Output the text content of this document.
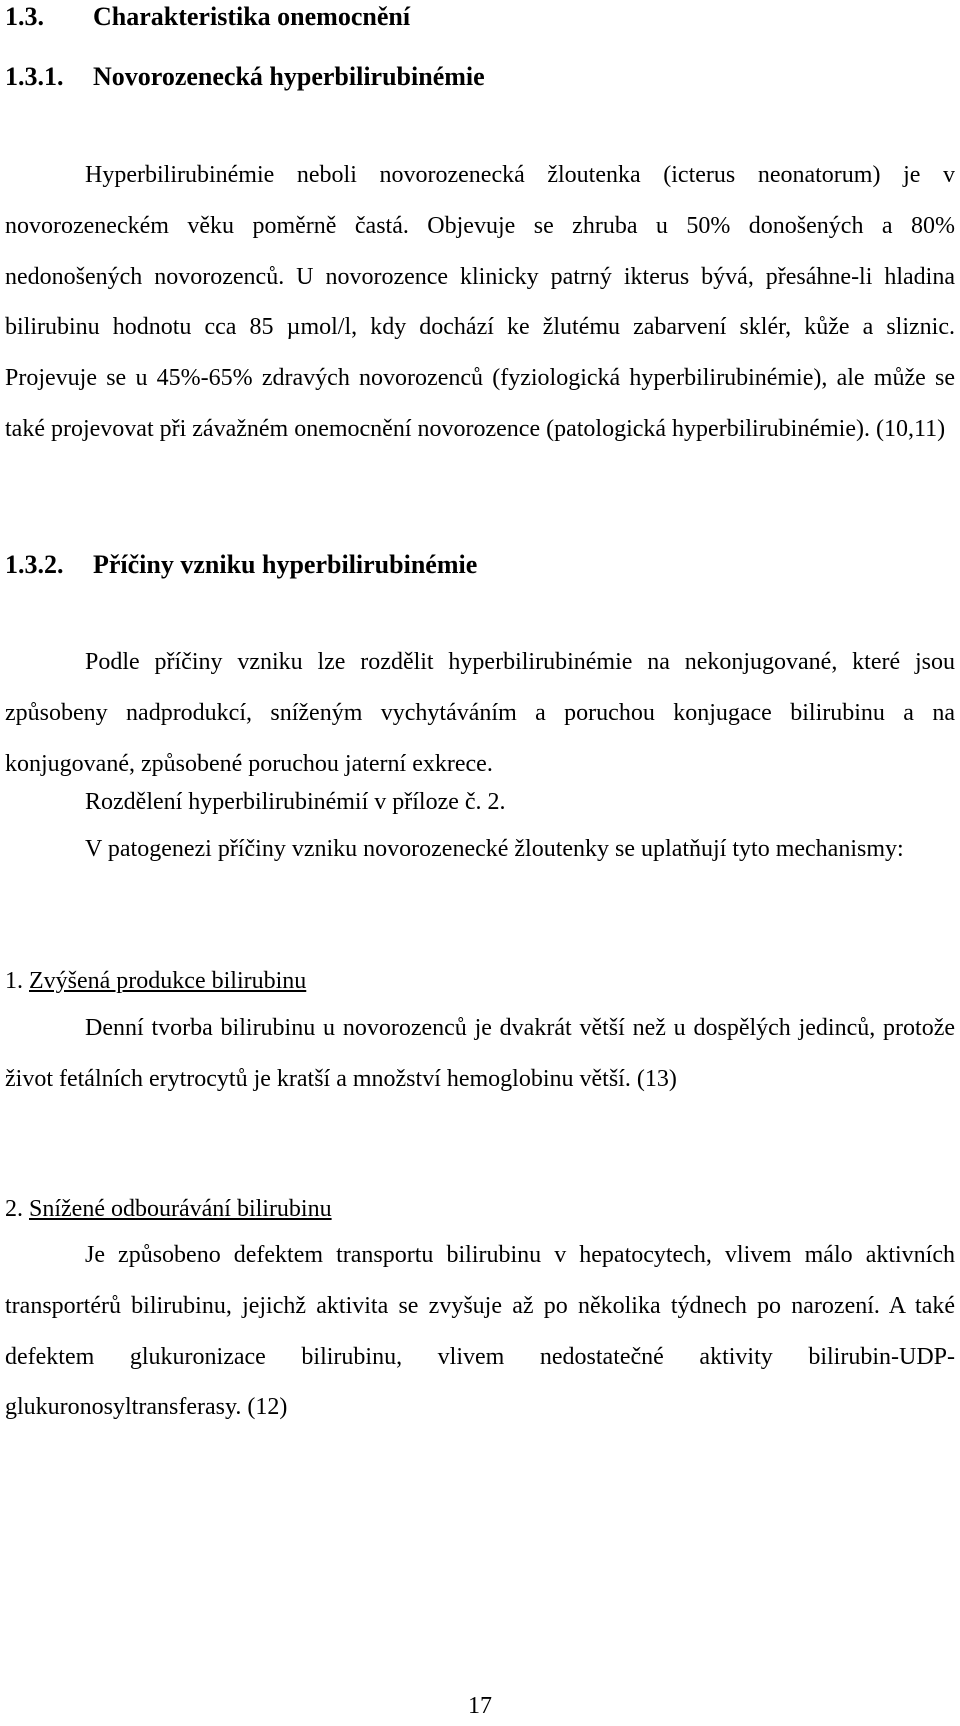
1.3. Charakteristika onemocnění
1.3.1. Novorozenecká hyperbilirubinémie

Hyperbilirubinémie neboli novorozenecká žloutenka (icterus neonatorum) je v novorozeneckém věku poměrně častá. Objevuje se zhruba u 50% donošených a 80% nedonošených novorozenců. U novorozence klinicky patrný ikterus bývá, přesáhne-li hladina bilirubinu hodnotu cca 85 µmol/l, kdy dochází ke žlutému zabarvení sklér, kůže a sliznic. Projevuje se u 45%-65% zdravých novorozenců (fyziologická hyperbilirubinémie), ale může se také projevovat při závažném onemocnění novorozence (patologická hyperbilirubinémie). (10,11)

1.3.2. Příčiny vzniku hyperbilirubinémie

Podle příčiny vzniku lze rozdělit hyperbilirubinémie na nekonjugované, které jsou způsobeny nadprodukcí, sníženým vychytáváním a poruchou konjugace bilirubinu a na konjugované, způsobené poruchou jaterní exkrece.

Rozdělení hyperbilirubinémií v příloze č. 2.

V patogenezi příčiny vzniku novorozenecké žloutenky se uplatňují tyto mechanismy:

1. Zvýšená produkce bilirubinu

Denní tvorba bilirubinu u novorozenců je dvakrát větší než u dospělých jedinců, protože život fetálních erytrocytů je kratší a množství hemoglobinu větší. (13)

2. Snížené odbourávání bilirubinu

Je způsobeno defektem transportu bilirubinu v hepatocytech, vlivem málo aktivních transportérů bilirubinu, jejichž aktivita se zvyšuje až po několika týdnech po narození. A také defektem glukuronizace bilirubinu, vlivem nedostatečné aktivity bilirubin-UDP-glukuronosyltransferasy. (12)

17
